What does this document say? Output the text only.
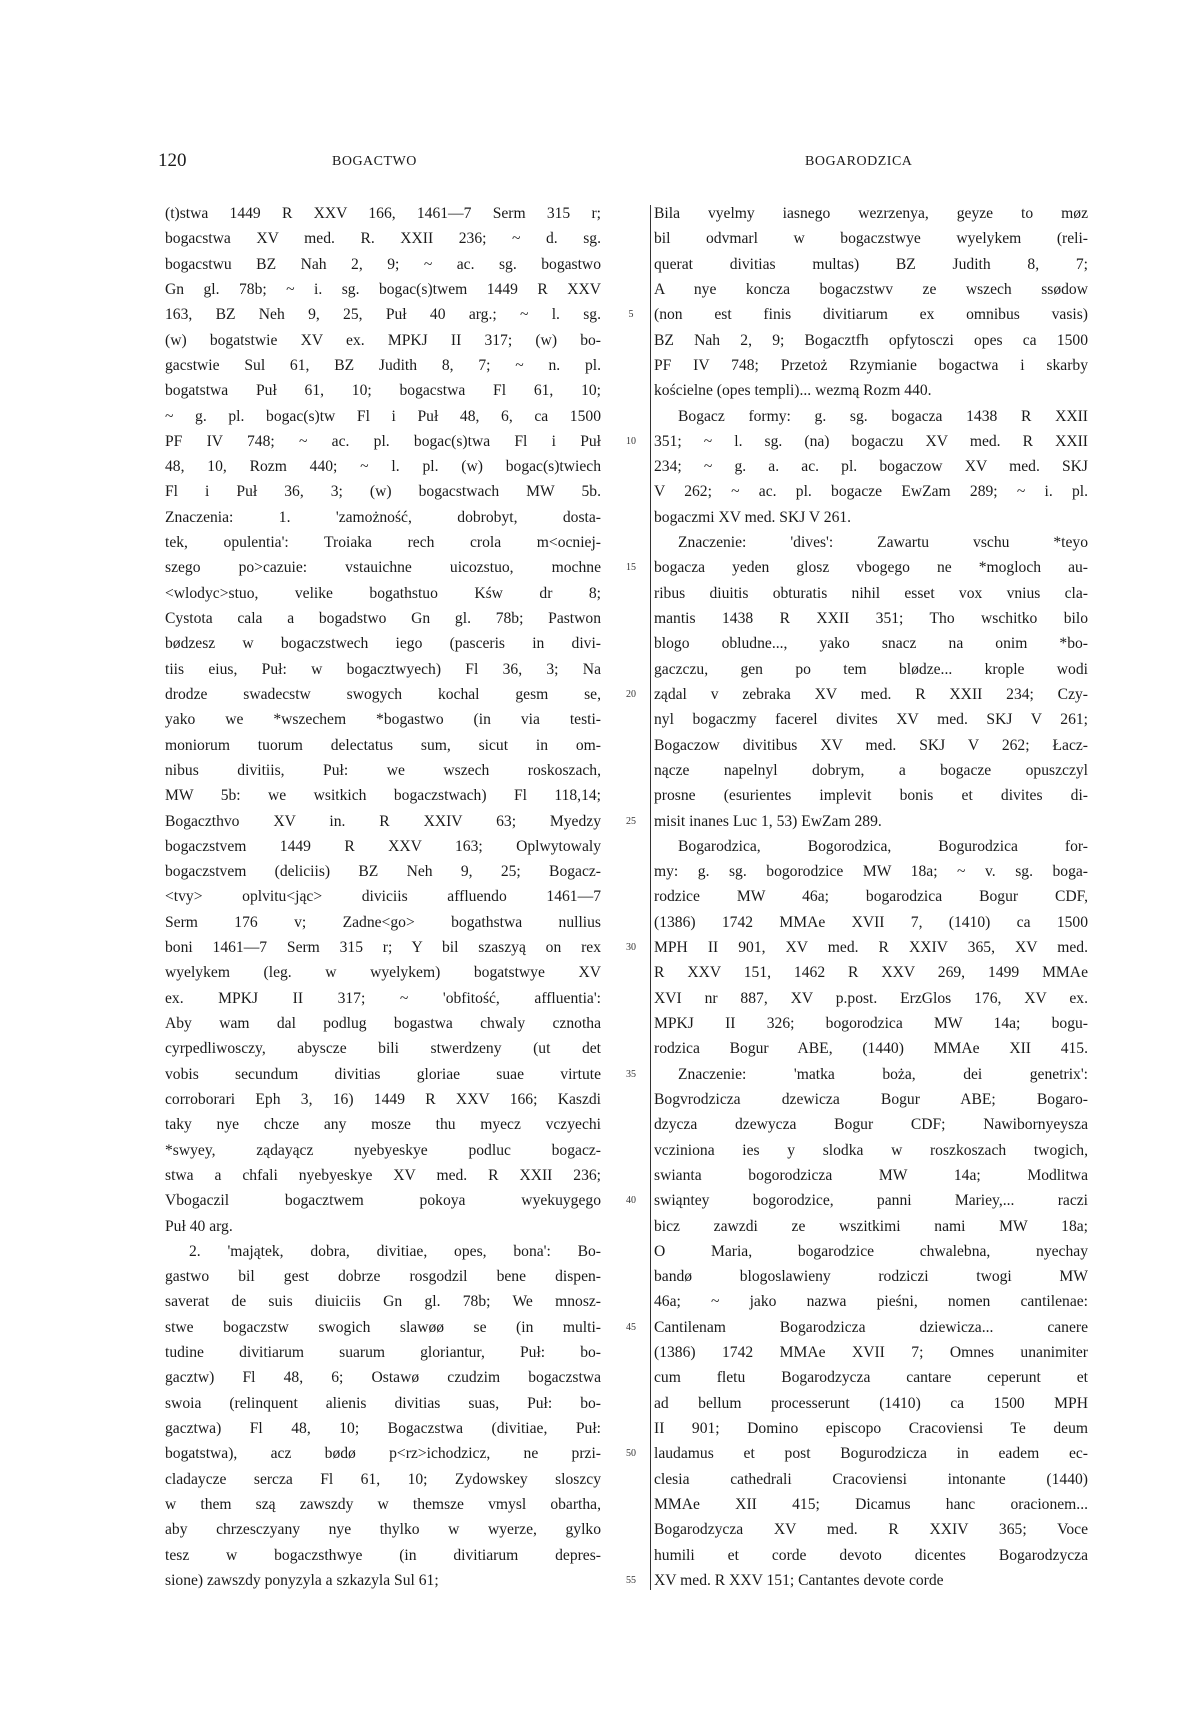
120	BOGACTWO	BOGARODZICA
(t)stwa 1449 R XXV 166, 1461—7 Serm 315 r;
bogacstwa XV med. R. XXII 236; ~ d. sg.
bogacstwu BZ Nah 2, 9; ~ ac. sg. bogastwo
Gn gl. 78b; ~ i. sg. bogac(s)twem 1449 R XXV
163, BZ Neh 9, 25, Puł 40 arg.; ~ l. sg.
(w) bogatstwie XV ex. MPKJ II 317; (w) bo-
gacstwie Sul 61, BZ Judith 8, 7; ~ n. pl.
bogatstwa Puł 61, 10; bogacstwa Fl 61, 10;
~ g. pl. bogac(s)tw Fl i Puł 48, 6, ca 1500
PF IV 748; ~ ac. pl. bogac(s)twa Fl i Puł
48, 10, Rozm 440; ~ l. pl. (w) bogac(s)twiech
Fl i Puł 36, 3; (w) bogacstwach MW 5b.
Znaczenia: 1. 'zamożność, dobrobyt, dosta-
tek, opulentia': Troiaka rech crola m<ocniej-
szego po>cazuie: vstauichne uicozstuo, mochne
<wlodyc>stuo, velike bogathstuo Kśw dr 8;
Cystota cala a bogadstwo Gn gl. 78b; Pastwon
bødzesz w bogaczstwech iego (pasceris in divi-
tiis eius, Puł: w bogacztwyech) Fl 36, 3; Na
drodze swadecstw swogych kochal gesm se,
yako we *wszechem *bogastwo (in via testi-
moniorum tuorum delectatus sum, sicut in om-
nibus divitiis, Puł: we wszech roskoszach,
MW 5b: we wsitkich bogaczstwach) Fl 118,14;
Bogaczthvo XV in. R XXIV 63; Myedzy
bogaczstvem 1449 R XXV 163; Oplwytowaly
bogaczstvem (deliciis) BZ Neh 9, 25; Bogacz-
<tvy> oplvitu<jąc> diviciis affluendo 1461—7
Serm 176 v; Zadne<go> bogathstwa nullius
boni 1461—7 Serm 315 r; Y bil szaszyą on rex
wyelykem (leg. w wyelykem) bogatstwye XV
ex. MPKJ II 317; ~ 'obfitość, affluentia':
Aby wam dal podlug bogastwa chwaly cznotha
cyrpedliwosczy, abyscze bili stwerdzeny (ut det
vobis secundum divitias gloriae suae virtute
corroborari Eph 3, 16) 1449 R XXV 166; Kaszdi
taky nye chcze any mosze thu myecz vczyechi
*swyey, ządayącz nyebyeskye podluc bogacz-
stwa a chfali nyebyeskye XV med. R XXII 236;
Vbogaczil bogacztwem pokoya wyekuygego
Puł 40 arg.
2. 'majątek, dobra, divitiae, opes, bona': Bo-
gastwo bil gest dobrze rosgodzil bene dispen-
saverat de suis diuiciis Gn gl. 78b; We mnosz-
stwe bogaczstw swogich slawøø se (in multi-
tudine divitiarum suarum gloriantur, Puł: bo-
gacztw) Fl 48, 6; Ostawø czudzim bogaczstwa
swoia (relinquent alienis divitias suas, Puł: bo-
gacztwa) Fl 48, 10; Bogaczstwa (divitiae, Puł:
bogatstwa), acz bødø p<rz>ichodzicz, ne przi-
cladaycze sercza Fl 61, 10; Zydowskey sloszcy
w them szą zawszdy w themsze vmysl obartha,
aby chrzesczyany nye thylko w wyerze, gylko
tesz w bogaczsthwye (in divitiarum depres-
sione) zawszdy ponyzyla a szkazyla Sul 61;

5

10

15

20

25

30

35

40

45

50

55
Bila vyelmy iasnego wezrzenya, geyze to møz
bil odvmarl w bogaczstwye wyelykem (reli-
querat divitias multas) BZ Judith 8, 7;
A nye koncza bogaczstwv ze wszech ssødow
(non est finis divitiarum ex omnibus vasis)
BZ Nah 2, 9; Bogacztfh opfytosczi opes ca 1500
PF IV 748; Przetoż Rzymianie bogactwa i skarby
kościelne (opes templi)... wezmą Rozm 440.
Bogacz formy: g. sg. bogacza 1438 R XXII
351; ~ l. sg. (na) bogaczu XV med. R XXII
234; ~ g. a. ac. pl. bogaczow XV med. SKJ
V 262; ~ ac. pl. bogacze EwZam 289; ~ i. pl.
bogaczmi XV med. SKJ V 261.
Znaczenie: 'dives': Zawartu vschu *teyo
bogacza yeden glosz vbogego ne *mogloch au-
ribus diuitis obturatis nihil esset vox vnius cla-
mantis 1438 R XXII 351; Tho wschitko bilo
blogo obludne..., yako snacz na onim *bo-
gaczczu, gen po tem blødze... krople wodi
ządal v zebraka XV med. R XXII 234; Czy-
nyl bogaczmy facerel divites XV med. SKJ V 261;
Bogaczow divitibus XV med. SKJ V 262; Łacz-
nącze napelnyl dobrym, a bogacze opuszczyl
prosne (esurientes implevit bonis et divites di-
misit inanes Luc 1, 53) EwZam 289.
Bogarodzica, Bogorodzica, Bogurodzica for-
my: g. sg. bogorodzice MW 18a; ~ v. sg. boga-
rodzice MW 46a; bogarodzica Bogur CDF,
(1386) 1742 MMAe XVII 7, (1410) ca 1500
MPH II 901, XV med. R XXIV 365, XV med.
R XXV 151, 1462 R XXV 269, 1499 MMAe
XVI nr 887, XV p.post. ErzGlos 176, XV ex.
MPKJ II 326; bogorodzica MW 14a; bogu-
rodzica Bogur ABE, (1440) MMAe XII 415.
Znaczenie: 'matka boża, dei genetrix':
Bogvrodzicza dzewicza Bogur ABE; Bogaro-
dzycza dzewycza Bogur CDF; Nawibornyeysza
vcziniona ies y slodka w roszkoszach twogich,
swianta bogorodzicza MW 14a; Modlitwa
swiąntey bogorodzice, panni Mariey,... raczi
bicz zawzdi ze wszitkimi nami MW 18a;
O Maria, bogarodzice chwalebna, nyechay
bandø blogoslawieny rodziczi twogi MW
46a; ~ jako nazwa pieśni, nomen cantilenae:
Cantilenam Bogarodzicza dziewicza... canere
(1386) 1742 MMAe XVII 7; Omnes unanimiter
cum fletu Bogarodzycza cantare ceperunt et
ad bellum processerunt (1410) ca 1500 MPH
II 901; Domino episcopo Cracoviensi Te deum
laudamus et post Bogurodzicza in eadem ec-
clesia cathedrali Cracoviensi intonante (1440)
MMAe XII 415; Dicamus hanc oracionem...
Bogarodzycza XV med. R XXIV 365; Voce
humili et corde devoto dicentes Bogarodzycza
XV med. R XXV 151; Cantantes devote corde
